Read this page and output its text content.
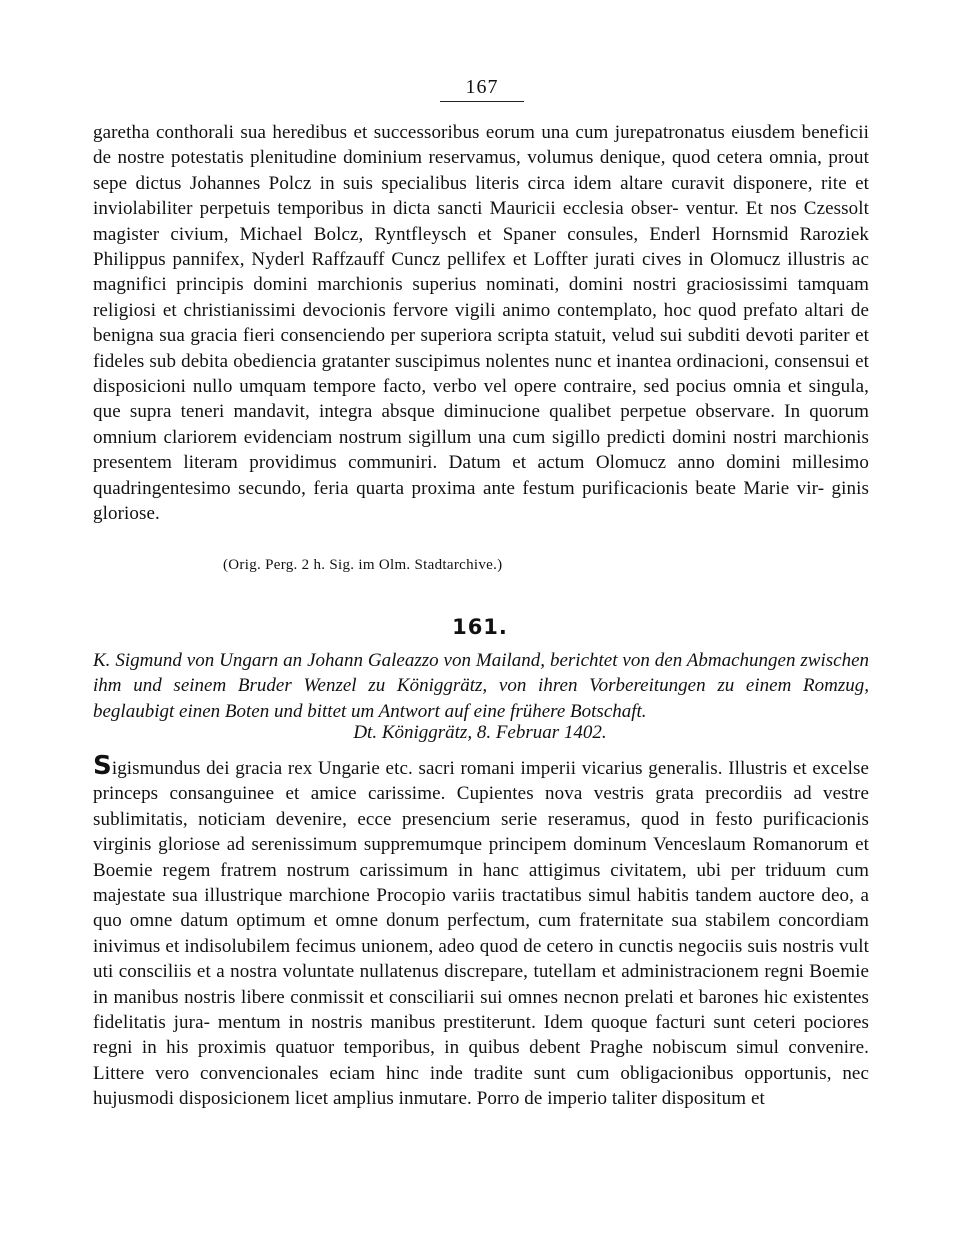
167
garetha conthorali sua heredibus et successoribus eorum una cum jurepatronatus eiusdem beneficii de nostre potestatis plenitudine dominium reservamus, volumus denique, quod cetera omnia, prout sepe dictus Johannes Polcz in suis specialibus literis circa idem altare curavit disponere, rite et inviolabiliter perpetuis temporibus in dicta sancti Mauricii ecclesia obser- ventur. Et nos Czessolt magister civium, Michael Bolcz, Ryntfleysch et Spaner consules, Enderl Hornsmid Raroziek Philippus pannifex, Nyderl Raffzauff Cuncz pellifex et Loffter jurati cives in Olomucz illustris ac magnifici principis domini marchionis superius nominati, domini nostri graciosissimi tamquam religiosi et christianissimi devocionis fervore vigili animo contemplato, hoc quod prefato altari de benigna sua gracia fieri consenciendo per superiora scripta statuit, velud sui subditi devoti pariter et fideles sub debita obediencia gratanter suscipimus nolentes nunc et inantea ordinacioni, consensui et disposicioni nullo umquam tempore facto, verbo vel opere contraire, sed pocius omnia et singula, que supra teneri mandavit, integra absque diminucione qualibet perpetue observare. In quorum omnium clariorem evidenciam nostrum sigillum una cum sigillo predicti domini nostri marchionis presentem literam providimus communiri. Datum et actum Olomucz anno domini millesimo quadringentesimo secundo, feria quarta proxima ante festum purificacionis beate Marie vir- ginis gloriose.
(Orig. Perg. 2 h. Sig. im Olm. Stadtarchive.)
161.
K. Sigmund von Ungarn an Johann Galeazzo von Mailand, berichtet von den Abmachungen zwischen ihm und seinem Bruder Wenzel zu Königgrätz, von ihren Vorbereitungen zu einem Romzug, beglaubigt einen Boten und bittet um Antwort auf eine frühere Botschaft.
Dt. Königgrätz, 8. Februar 1402.
Sigismundus dei gracia rex Ungarie etc. sacri romani imperii vicarius generalis. Illustris et excelse princeps consanguinee et amice carissime. Cupientes nova vestris grata precordiis ad vestre sublimitatis, noticiam devenire, ecce presencium serie reseramus, quod in festo purificacionis virginis gloriose ad serenissimum suppremumque principem dominum Venceslaum Romanorum et Boemie regem fratrem nostrum carissimum in hanc attigimus civitatem, ubi per triduum cum majestate sua illustrique marchione Procopio variis tractatibus simul habitis tandem auctore deo, a quo omne datum optimum et omne donum perfectum, cum fraternitate sua stabilem concordiam inivimus et indisolubilem fecimus unionem, adeo quod de cetero in cunctis negociis suis nostris vult uti consciliis et a nostra voluntate nullatenus discrepare, tutellam et administracionem regni Boemie in manibus nostris libere conmissit et consciliarii sui omnes necnon prelati et barones hic existentes fidelitatis jura- mentum in nostris manibus prestiterunt. Idem quoque facturi sunt ceteri pociores regni in his proximis quatuor temporibus, in quibus debent Praghe nobiscum simul convenire. Littere vero convencionales eciam hinc inde tradite sunt cum obligacionibus opportunis, nec hujusmodi disposicionem licet amplius inmutare. Porro de imperio taliter dispositum et
